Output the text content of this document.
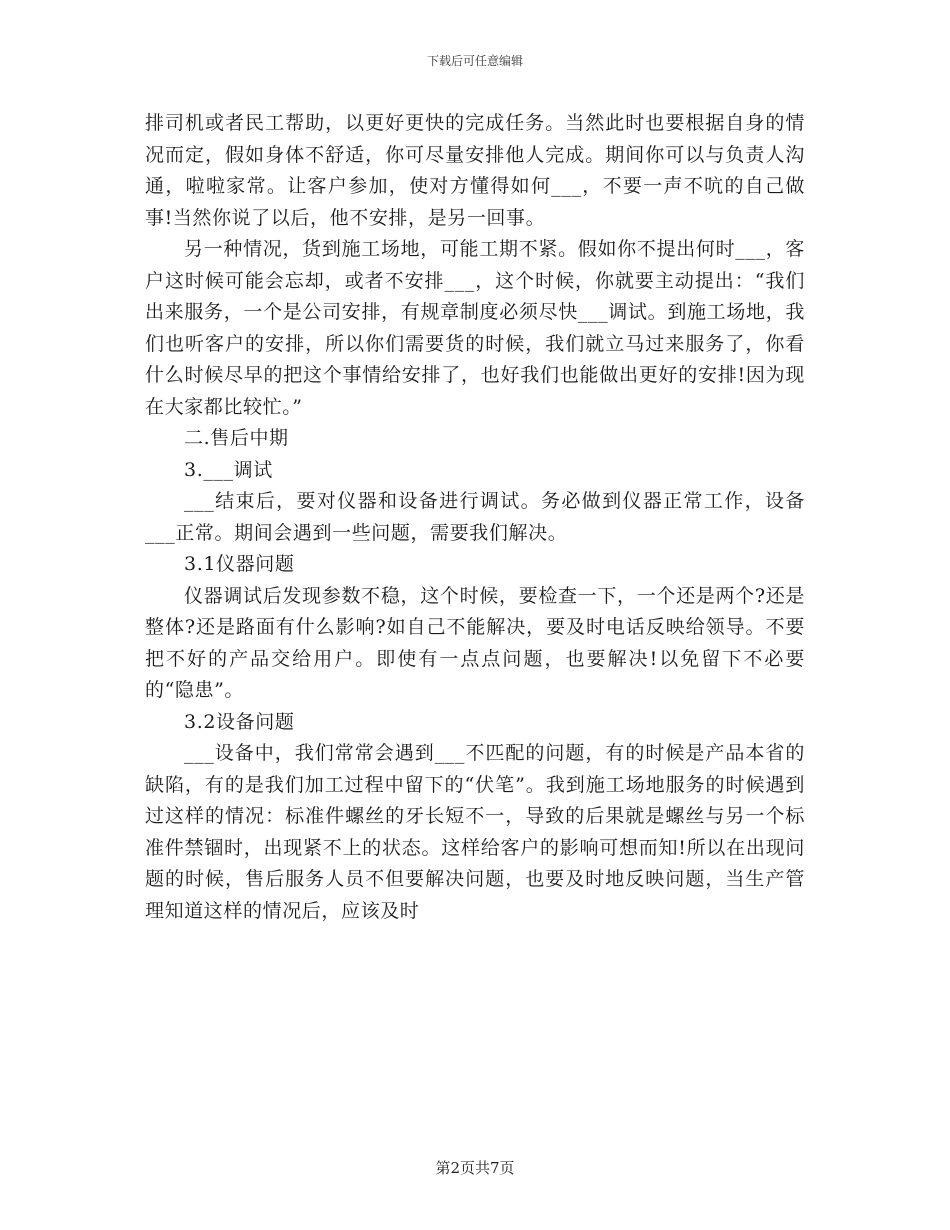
下载后可任意编辑

排司机或者民工帮助，以更好更快的完成任务。当然此时也要根据自身的情况而定，假如身体不舒适，你可尽量安排他人完成。期间你可以与负责人沟通，啦啦家常。让客户参加，使对方懂得如何___，不要一声不吭的自己做事!当然你说了以后，他不安排，是另一回事。

另一种情况，货到施工场地，可能工期不紧。假如你不提出何时___，客户这时候可能会忘却，或者不安排___，这个时候，你就要主动提出：“我们出来服务，一个是公司安排，有规章制度必须尽快___调试。到施工场地，我们也听客户的安排，所以你们需要货的时候，我们就立马过来服务了，你看什么时候尽早的把这个事情给安排了，也好我们也能做出更好的安排!因为现在大家都比较忙。”

二.售后中期

3.___调试

___结束后，要对仪器和设备进行调试。务必做到仪器正常工作，设备___正常。期间会遇到一些问题，需要我们解决。

3.1仪器问题

仪器调试后发现参数不稳，这个时候，要检查一下，一个还是两个?还是整体?还是路面有什么影响?如自己不能解决，要及时电话反映给领导。不要把不好的产品交给用户。即使有一点点问题，也要解决!以免留下不必要的“隐患”。

3.2设备问题

___设备中，我们常常会遇到___不匹配的问题，有的时候是产品本省的缺陷，有的是我们加工过程中留下的“伏笔”。我到施工场地服务的时候遇到过这样的情况：标准件螺丝的牙长短不一，导致的后果就是螺丝与另一个标准件禁锢时，出现紧不上的状态。这样给客户的影响可想而知!所以在出现问题的时候，售后服务人员不但要解决问题，也要及时地反映问题，当生产管理知道这样的情况后，应该及时

第2页共7页
